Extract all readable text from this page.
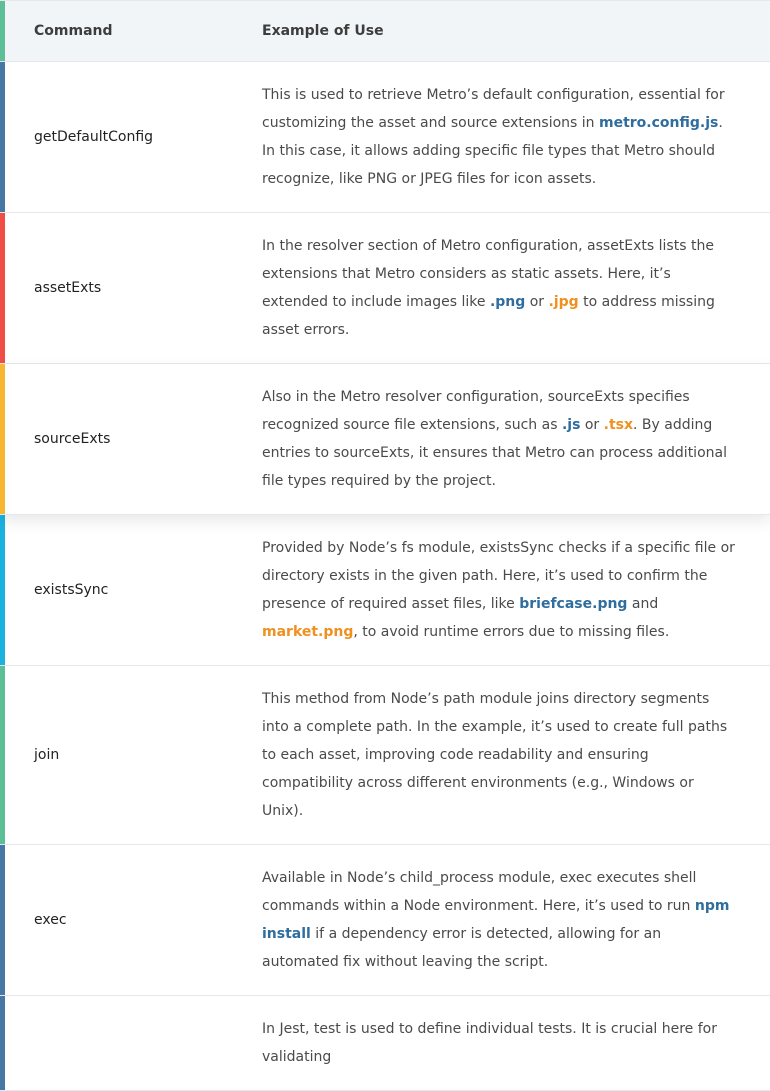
Command	Example of Use
getDefaultConfig
This is used to retrieve Metro’s default configuration, essential for customizing the asset and source extensions in metro.config.js. In this case, it allows adding specific file types that Metro should recognize, like PNG or JPEG files for icon assets.
assetExts
In the resolver section of Metro configuration, assetExts lists the extensions that Metro considers as static assets. Here, it’s extended to include images like .png or .jpg to address missing asset errors.
sourceExts
Also in the Metro resolver configuration, sourceExts specifies recognized source file extensions, such as .js or .tsx. By adding entries to sourceExts, it ensures that Metro can process additional file types required by the project.
existsSync
Provided by Node’s fs module, existsSync checks if a specific file or directory exists in the given path. Here, it’s used to confirm the presence of required asset files, like briefcase.png and market.png, to avoid runtime errors due to missing files.
join
This method from Node’s path module joins directory segments into a complete path. In the example, it’s used to create full paths to each asset, improving code readability and ensuring compatibility across different environments (e.g., Windows or Unix).
exec
Available in Node’s child_process module, exec executes shell commands within a Node environment. Here, it’s used to run npm install if a dependency error is detected, allowing for an automated fix without leaving the script.
In Jest, test is used to define individual tests. It is crucial here for validating
